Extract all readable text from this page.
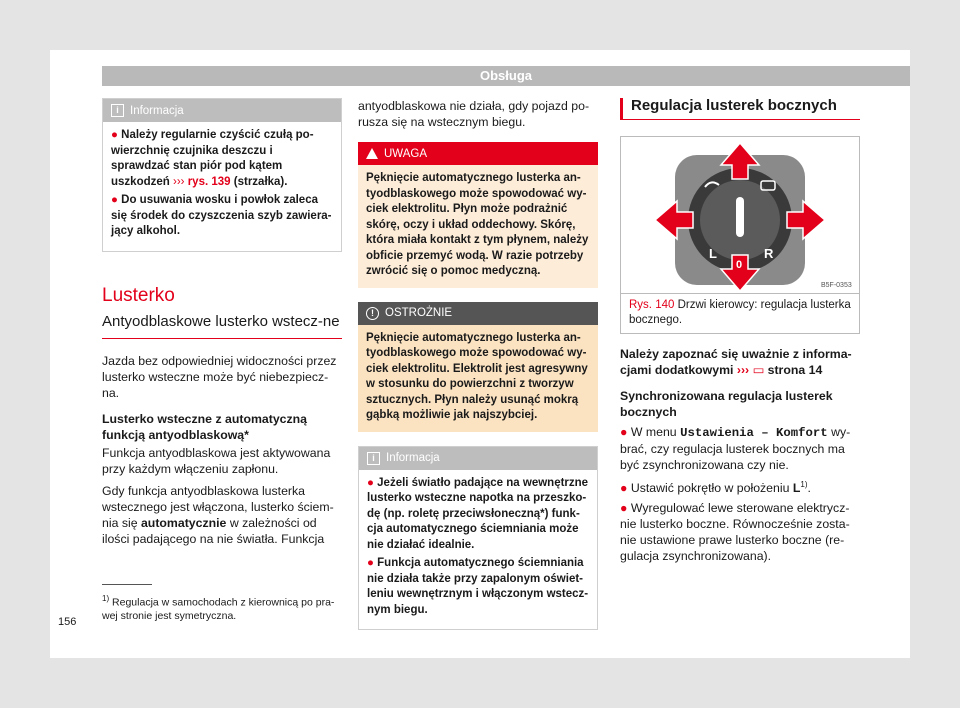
Obsługa
i Informacja

● Należy regularnie czyścić czułą po-wierzchnię czujnika deszczu i sprawdzać stan piór pod kątem uszkodzeń ››› rys. 139 (strzałka).

● Do usuwania wosku i powłok zaleca się środek do czyszczenia szyb zawiera-jący alkohol.

Lusterko
Antyodblaskowe lusterko wstecz-ne

Jazda bez odpowiedniej widoczności przez lusterko wsteczne może być niebezpiecz-na.

Lusterko wsteczne z automatyczną funkcją antyodblaskową*

Funkcja antyodblaskowa jest aktywowana przy każdym włączeniu zapłonu.

Gdy funkcja antyodblaskowa lusterka wstecznego jest włączona, lusterko ściem-nia się automatycznie w zależności od ilości padającego na nie światła. Funkcja

antyodblaskowa nie działa, gdy pojazd po-rusza się na wstecznym biegu.

UWAGA
Pęknięcie automatycznego lusterka an-tyodblaskowego może spowodować wy-ciek elektrolitu. Płyn może podrażnić skórę, oczy i układ oddechowy. Skórę, która miała kontakt z tym płynem, należy obficie przemyć wodą. W razie potrzeby zwrócić się o pomoc medyczną.
! OSTROŻNIE
Pęknięcie automatycznego lusterka an-tyodblaskowego może spowodować wy-ciek elektrolitu. Elektrolit jest agresywny w stosunku do powierzchni z tworzyw sztucznych. Płyn należy usunąć mokrą gąbką możliwie jak najszybciej.
i Informacja

● Jeżeli światło padające na wewnętrzne lusterko wsteczne napotka na przeszko-dę (np. roletę przeciwsłoneczną*) funk-cja automatycznego ściemniania może nie działać idealnie.

● Funkcja automatycznego ściemniania nie działa także przy zapalonym oświet-leniu wewnętrznym i włączonym wstecz-nym biegu.

Regulacja lusterek bocznych
L	R
0
B5F-0353
Rys. 140 Drzwi kierowcy: regulacja lusterka bocznego.

Należy zapoznać się uważnie z informa-cjami dodatkowymi ››› ▭ strona 14

Synchronizowana regulacja lusterek bocznych

● W menu Ustawienia – Komfort wy-brać, czy regulacja lusterek bocznych ma być zsynchronizowana czy nie.
● Ustawić pokrętło w położeniu $L^{1)}$.
● Wyregulować lewe sterowane elektrycz-nie lusterko boczne. Równocześnie zosta-nie ustawione prawe lusterko boczne (re-gulacja zsynchronizowana).
$^{1)}$ Regulacja w samochodach z kierownicą po pra-wej stronie jest symetryczna.
156
